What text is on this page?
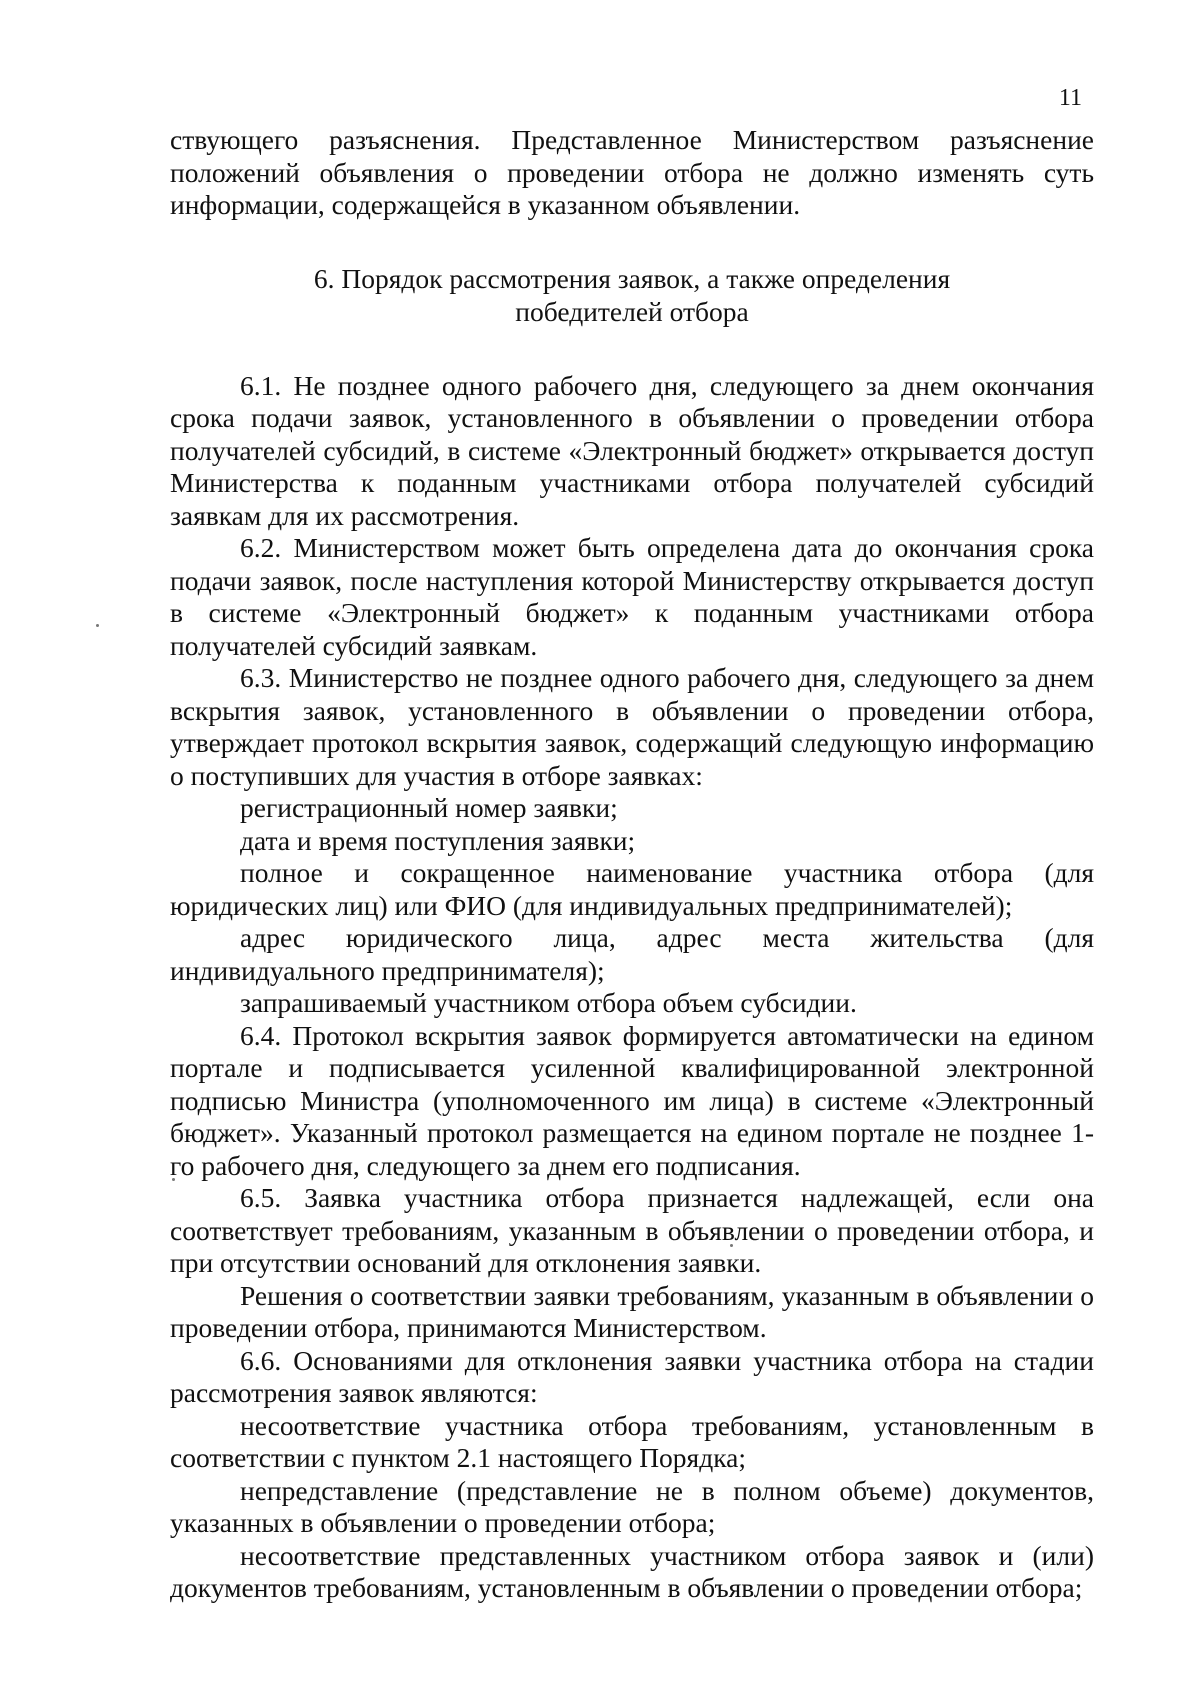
11

ствующего разъяснения. Представленное Министерством разъяснение положений объявления о проведении отбора не должно изменять суть информации, содержащейся в указанном объявлении.

6. Порядок рассмотрения заявок, а также определения
победителей отбора

6.1. Не позднее одного рабочего дня, следующего за днем окончания срока подачи заявок, установленного в объявлении о проведении отбора получателей субсидий, в системе «Электронный бюджет» открывается доступ Министерства к поданным участниками отбора получателей субсидий заявкам для их рассмотрения.

6.2. Министерством может быть определена дата до окончания срока подачи заявок, после наступления которой Министерству открывается доступ в системе «Электронный бюджет» к поданным участниками отбора получателей субсидий заявкам.

6.3. Министерство не позднее одного рабочего дня, следующего за днем вскрытия заявок, установленного в объявлении о проведении отбора, утверждает протокол вскрытия заявок, содержащий следующую информацию о поступивших для участия в отборе заявках:

регистрационный номер заявки;

дата и время поступления заявки;

полное и сокращенное наименование участника отбора (для юридических лиц) или ФИО (для индивидуальных предпринимателей);

адрес юридического лица, адрес места жительства (для индивидуального предпринимателя);

запрашиваемый участником отбора объем субсидии.

6.4. Протокол вскрытия заявок формируется автоматически на едином портале и подписывается усиленной квалифицированной электронной подписью Министра (уполномоченного им лица) в системе «Электронный бюджет». Указанный протокол размещается на едином портале не позднее 1-го рабочего дня, следующего за днем его подписания.

6.5. Заявка участника отбора признается надлежащей, если она соответствует требованиям, указанным в объявлении о проведении отбора, и при отсутствии оснований для отклонения заявки.

Решения о соответствии заявки требованиям, указанным в объявлении о проведении отбора, принимаются Министерством.

6.6. Основаниями для отклонения заявки участника отбора на стадии рассмотрения заявок являются:

несоответствие участника отбора требованиям, установленным в соответствии с пунктом 2.1 настоящего Порядка;

непредставление (представление не в полном объеме) документов, указанных в объявлении о проведении отбора;

несоответствие представленных участником отбора заявок и (или) документов требованиям, установленным в объявлении о проведении отбора;
